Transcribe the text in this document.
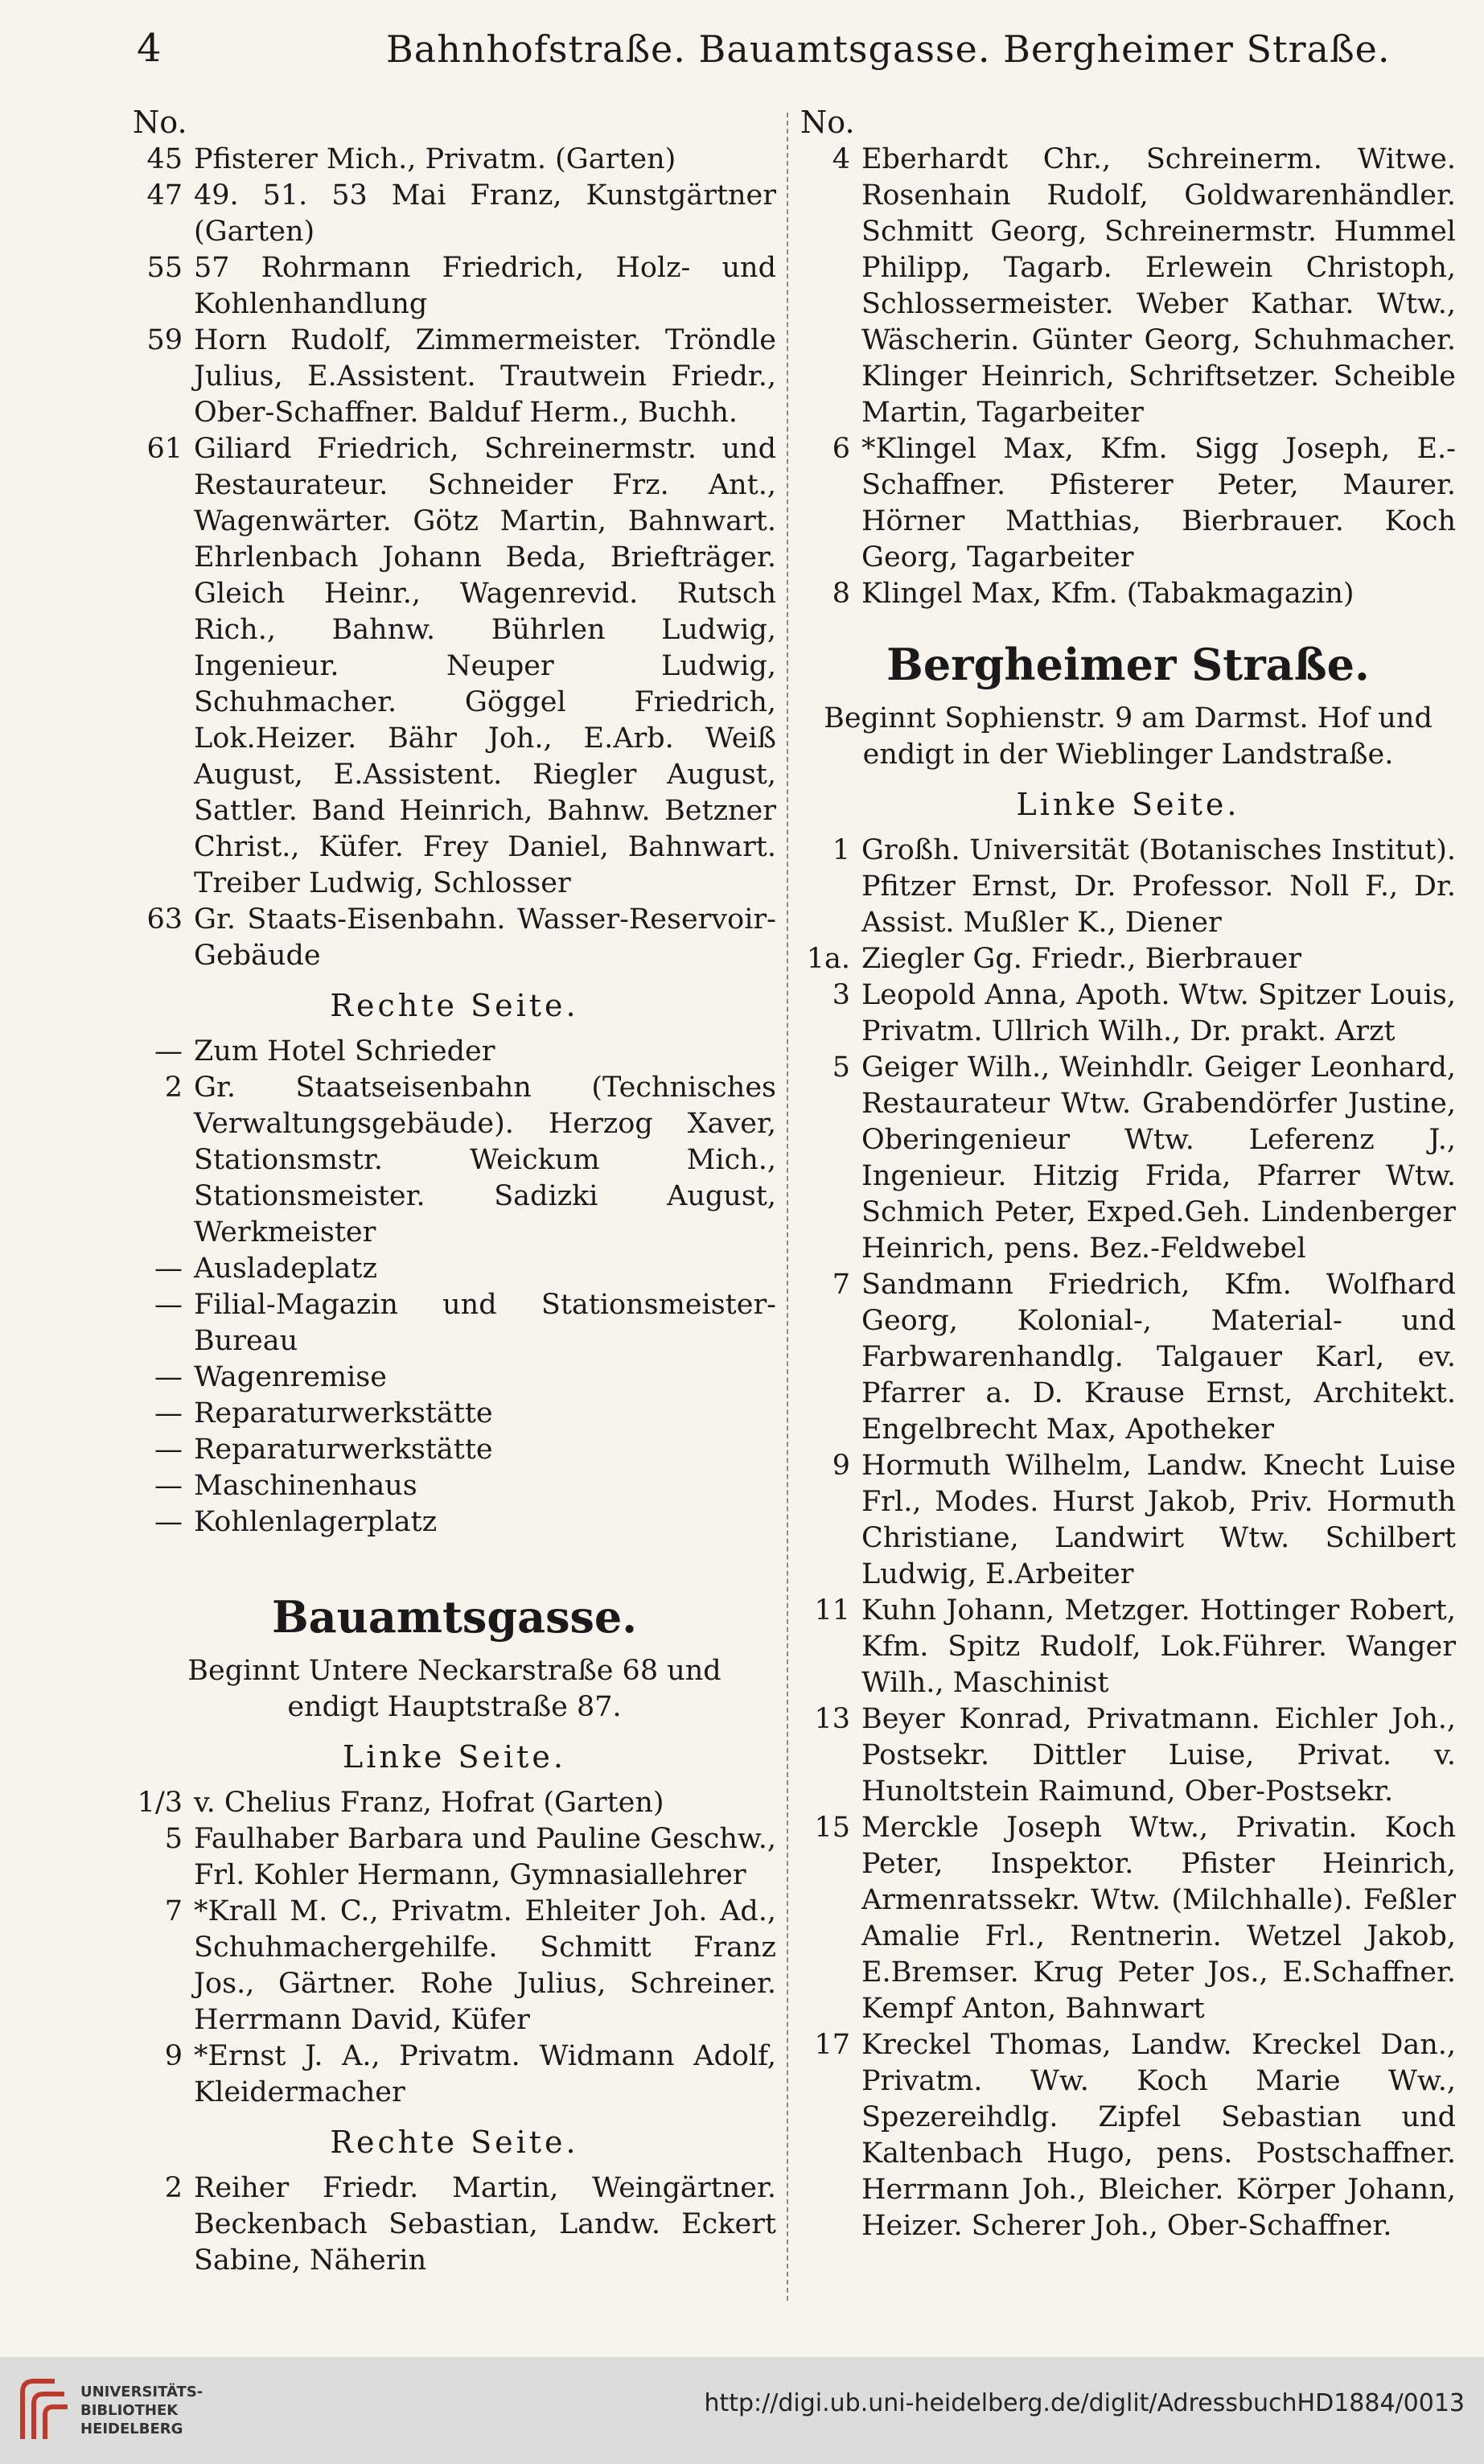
4	Bahnhofstraße. Bauamtsgasse. Bergheimer Straße.
No.
45 Pfisterer Mich., Privatm. (Garten)
47 49. 51. 53 Mai Franz, Kunstgärtner (Garten)
55 57 Rohrmann Friedrich, Holz- und Kohlenhandlung
59 Horn Rudolf, Zimmermeister. Tröndle Julius, E.Assistent. Trautwein Friedr., Ober-Schaffner. Balduf Herm., Buchh.
61 Giliard Friedrich, Schreinermstr. und Restaurateur. Schneider Frz. Ant., Wagenwärter. Götz Martin, Bahnwart. Ehrlenbach Johann Beda, Briefträger. Gleich Heinr., Wagenrevid. Rutsch Rich., Bahnw. Bührlen Ludwig, Ingenieur. Neuper Ludwig, Schuhmacher. Göggel Friedrich, Lok.Heizer. Bähr Joh., E.Arb. Weiß August, E.Assistent. Riegler August, Sattler. Band Heinrich, Bahnw. Betzner Christ., Küfer. Frey Daniel, Bahnwart. Treiber Ludwig, Schlosser
63 Gr. Staats-Eisenbahn. Wasser-Reservoir-Gebäude
Rechte Seite.
— Zum Hotel Schrieder
2 Gr. Staatseisenbahn (Technisches Verwaltungsgebäude). Herzog Xaver, Stationsmstr. Weickum Mich., Stationsmeister. Sadizki August, Werkmeister
— Ausladeplatz
— Filial-Magazin und Stationsmeister-Bureau
— Wagenremise
— Reparaturwerkstätte
— Reparaturwerkstätte
— Maschinenhaus
— Kohlenlagerplatz
Bauamtsgasse.
Beginnt Untere Neckarstraße 68 und endigt Hauptstraße 87.
Linke Seite.
1/3 v. Chelius Franz, Hofrat (Garten)
5 Faulhaber Barbara und Pauline Geschw., Frl. Kohler Hermann, Gymnasiallehrer
7 *Krall M. C., Privatm. Ehleiter Joh. Ad., Schuhmachergehilfe. Schmitt Franz Jos., Gärtner. Rohe Julius, Schreiner. Herrmann David, Küfer
9 *Ernst J. A., Privatm. Widmann Adolf, Kleidermacher
Rechte Seite.
2 Reiher Friedr. Martin, Weingärtner. Beckenbach Sebastian, Landw. Eckert Sabine, Näherin
No.
4 Eberhardt Chr., Schreinerm. Witwe. Rosenhain Rudolf, Goldwarenhändler. Schmitt Georg, Schreinermstr. Hummel Philipp, Tagarb. Erlewein Christoph, Schlossermeister. Weber Kathar. Wtw., Wäscherin. Günter Georg, Schuhmacher. Klinger Heinrich, Schriftsetzer. Scheible Martin, Tagarbeiter
6 *Klingel Max, Kfm. Sigg Joseph, E.-Schaffner. Pfisterer Peter, Maurer. Hörner Matthias, Bierbrauer. Koch Georg, Tagarbeiter
8 Klingel Max, Kfm. (Tabakmagazin)
Bergheimer Straße.
Beginnt Sophienstr. 9 am Darmst. Hof und endigt in der Wieblinger Landstraße.
Linke Seite.
1 Großh. Universität (Botanisches Institut). Pfitzer Ernst, Dr. Professor. Noll F., Dr. Assist. Mußler K., Diener
1a. Ziegler Gg. Friedr., Bierbrauer
3 Leopold Anna, Apoth. Wtw. Spitzer Louis, Privatm. Ullrich Wilh., Dr. prakt. Arzt
5 Geiger Wilh., Weinhdlr. Geiger Leonhard, Restaurateur Wtw. Grabendörfer Justine, Oberingenieur Wtw. Leferenz J., Ingenieur. Hitzig Frida, Pfarrer Wtw. Schmich Peter, Exped.Geh. Lindenberger Heinrich, pens. Bez.-Feldwebel
7 Sandmann Friedrich, Kfm. Wolfhard Georg, Kolonial-, Material- und Farbwarenhandlg. Talgauer Karl, ev. Pfarrer a. D. Krause Ernst, Architekt. Engelbrecht Max, Apotheker
9 Hormuth Wilhelm, Landw. Knecht Luise Frl., Modes. Hurst Jakob, Priv. Hormuth Christiane, Landwirt Wtw. Schilbert Ludwig, E.Arbeiter
11 Kuhn Johann, Metzger. Hottinger Robert, Kfm. Spitz Rudolf, Lok.Führer. Wanger Wilh., Maschinist
13 Beyer Konrad, Privatmann. Eichler Joh., Postsekr. Dittler Luise, Privat. v. Hunoltstein Raimund, Ober-Postsekr.
15 Merckle Joseph Wtw., Privatin. Koch Peter, Inspektor. Pfister Heinrich, Armenratssekr. Wtw. (Milchhalle). Feßler Amalie Frl., Rentnerin. Wetzel Jakob, E.Bremser. Krug Peter Jos., E.Schaffner. Kempf Anton, Bahnwart
17 Kreckel Thomas, Landw. Kreckel Dan., Privatm. Ww. Koch Marie Ww., Spezereihdlg. Zipfel Sebastian und Kaltenbach Hugo, pens. Postschaffner. Herrmann Joh., Bleicher. Körper Johann, Heizer. Scherer Joh., Ober-Schaffner.
UNIVERSITÄTS-
BIBLIOTHEK
HEIDELBERG
http://digi.ub.uni-heidelberg.de/diglit/AdressbuchHD1884/0013
